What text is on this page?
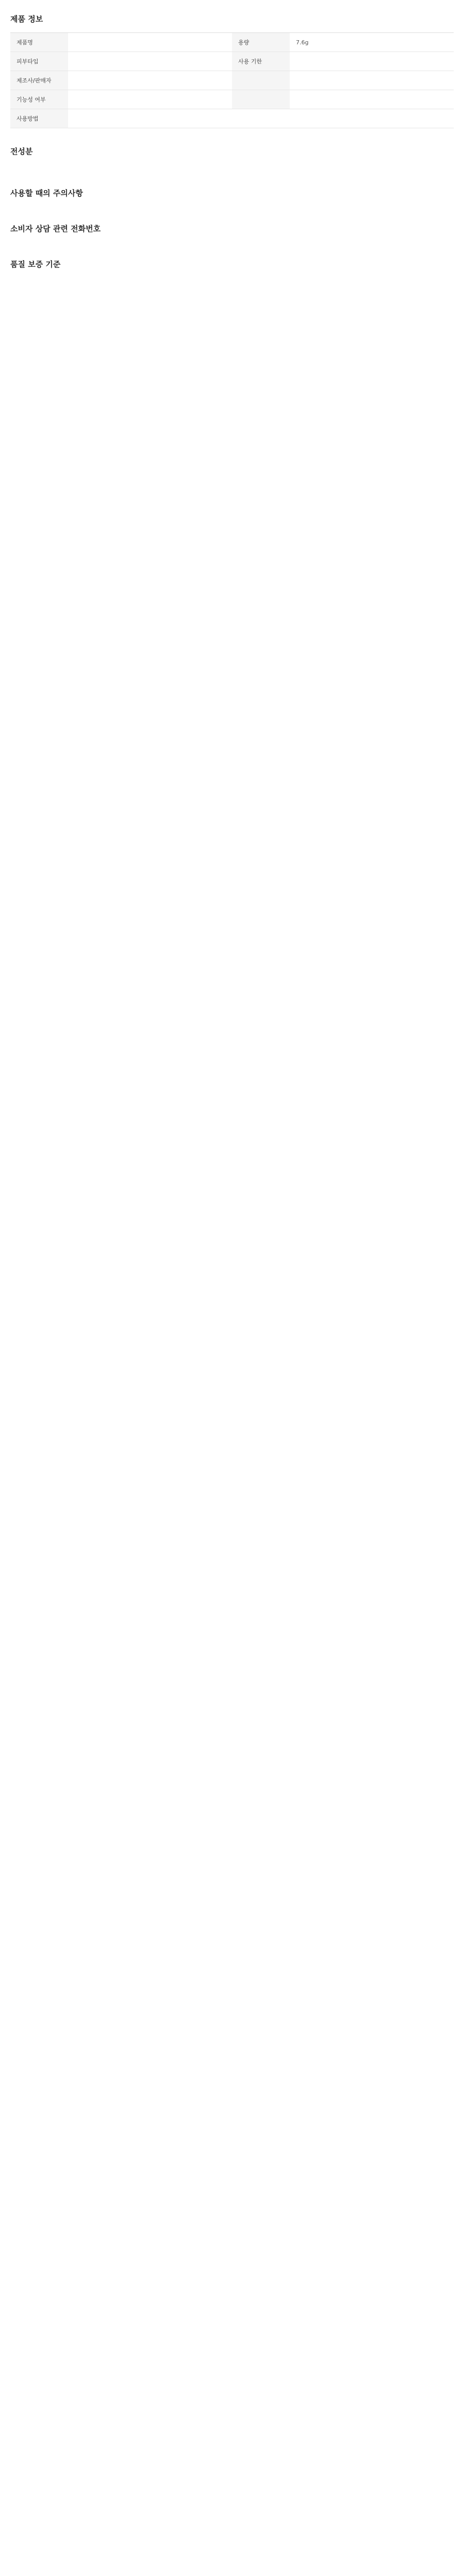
제품 정보
제품명		용량	7.6g
피부타입		사용 기한	
제조사/판매자			
기능성 여부			
사용방법			
전성분

사용할 때의 주의사항
소비자 상담 관련 전화번호

품질 보증 기준
